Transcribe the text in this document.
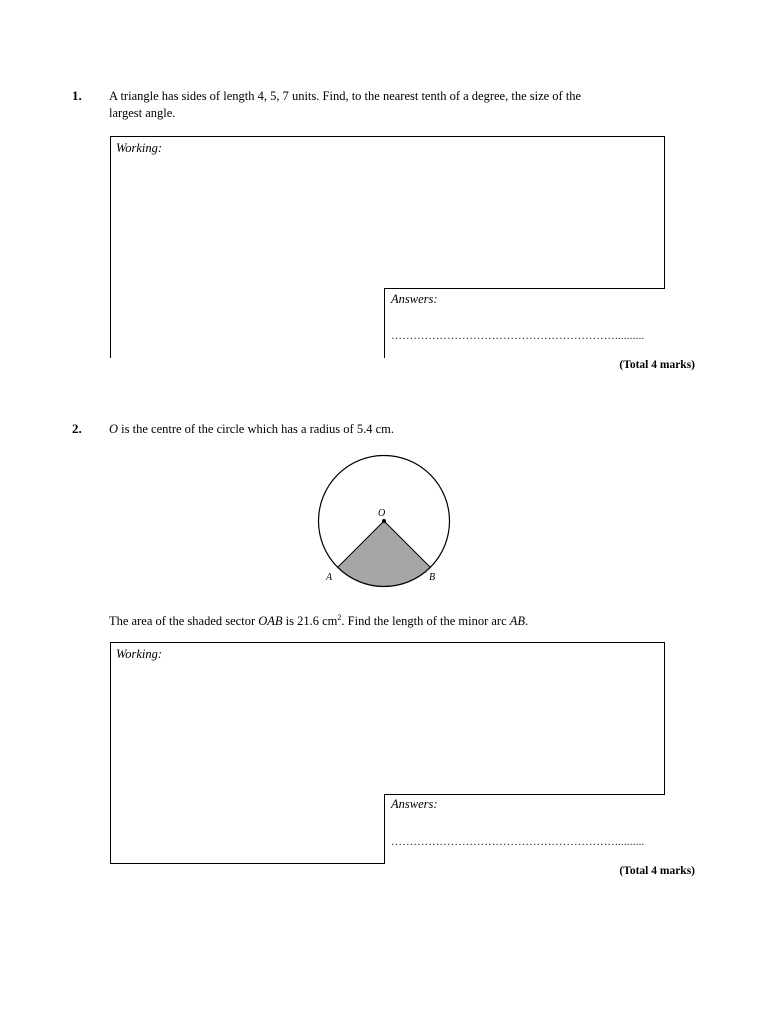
1. A triangle has sides of length 4, 5, 7 units. Find, to the nearest tenth of a degree, the size of the
largest angle.
Working:
Answers:
……………………………………………………..........
(Total 4 marks)
2. O is the centre of the circle which has a radius of 5.4 cm.
O
A	B
The area of the shaded sector OAB is 21.6 $cm^2$. Find the length of the minor arc AB.
Working:
Answers:
……………………………………………………..........
(Total 4 marks)
